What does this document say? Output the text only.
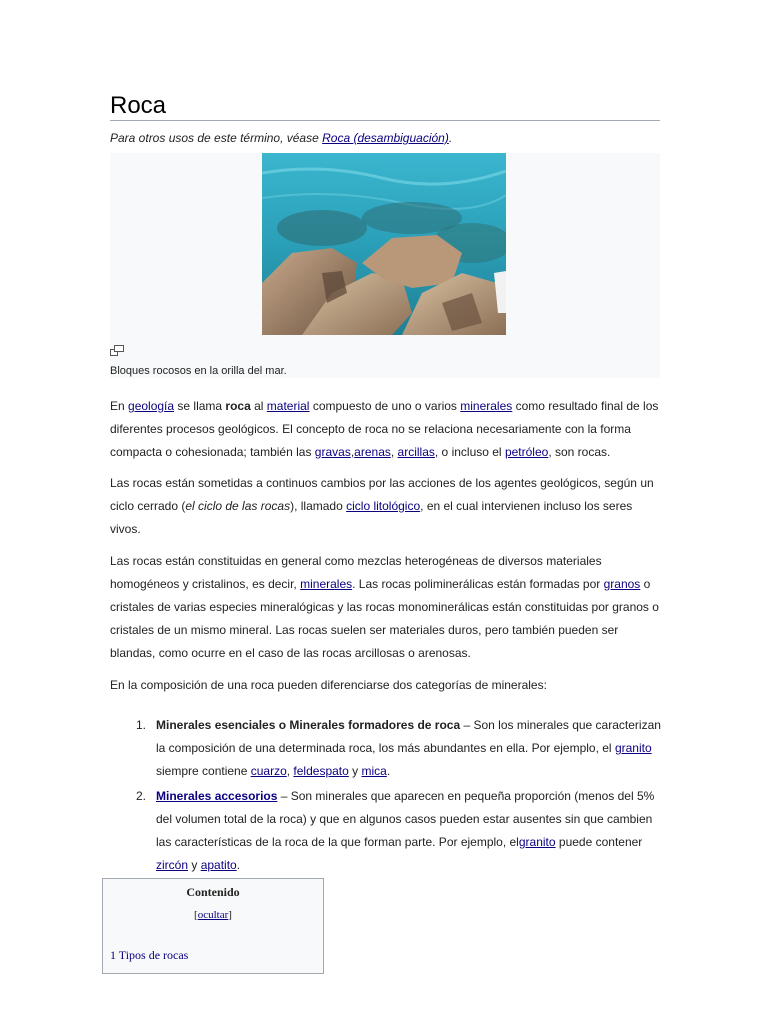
Roca
Para otros usos de este término, véase Roca (desambiguación).
Bloques rocosos en la orilla del mar.

En geología se llama roca al material compuesto de uno o varios minerales como resultado final de los diferentes procesos geológicos. El concepto de roca no se relaciona necesariamente con la forma compacta o cohesionada; también las gravas,arenas, arcillas, o incluso el petróleo, son rocas.

Las rocas están sometidas a continuos cambios por las acciones de los agentes geológicos, según un ciclo cerrado (el ciclo de las rocas), llamado ciclo litológico, en el cual intervienen incluso los seres vivos.

Las rocas están constituidas en general como mezclas heterogéneas de diversos materiales homogéneos y cristalinos, es decir, minerales. Las rocas poliminerálicas están formadas por granos o cristales de varias especies mineralógicas y las rocas monominerálicas están constituidas por granos o cristales de un mismo mineral. Las rocas suelen ser materiales duros, pero también pueden ser blandas, como ocurre en el caso de las rocas arcillosas o arenosas.

En la composición de una roca pueden diferenciarse dos categorías de minerales:

1. Minerales esenciales o Minerales formadores de roca – Son los minerales que caracterizan la composición de una determinada roca, los más abundantes en ella. Por ejemplo, el granito siempre contiene cuarzo, feldespato y mica.
2. Minerales accesorios – Son minerales que aparecen en pequeña proporción (menos del 5% del volumen total de la roca) y que en algunos casos pueden estar ausentes sin que cambien las características de la roca de la que forman parte. Por ejemplo, elgranito puede contener zircón y apatito.
Contenido
[ocultar]
1 Tipos de rocas
